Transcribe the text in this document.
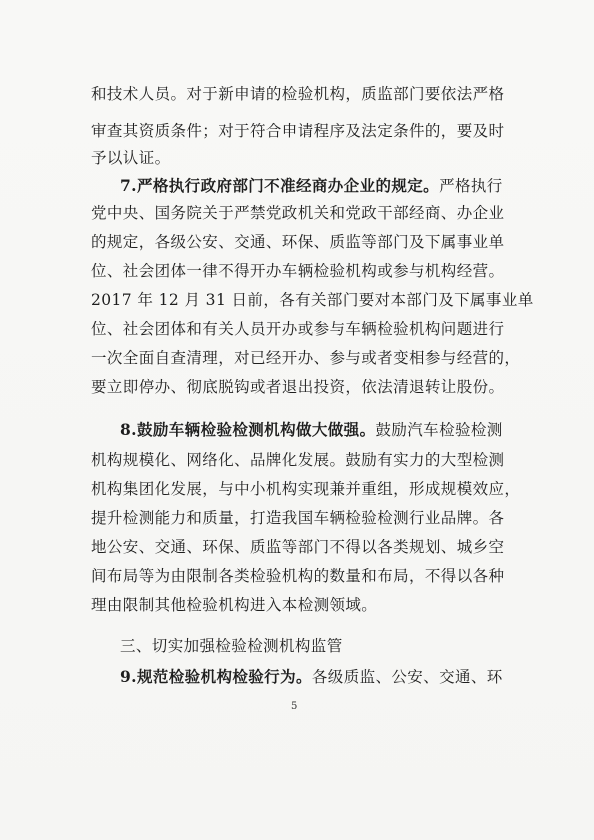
和技术人员。对于新申请的检验机构，质监部门要依法严格
审查其资质条件；对于符合申请程序及法定条件的，要及时
予以认证。
7.严格执行政府部门不准经商办企业的规定。严格执行
党中央、国务院关于严禁党政机关和党政干部经商、办企业
的规定，各级公安、交通、环保、质监等部门及下属事业单
位、社会团体一律不得开办车辆检验机构或参与机构经营。
2017 年 12 月 31 日前，各有关部门要对本部门及下属事业单
位、社会团体和有关人员开办或参与车辆检验机构问题进行
一次全面自查清理，对已经开办、参与或者变相参与经营的，
要立即停办、彻底脱钩或者退出投资，依法清退转让股份。
8.鼓励车辆检验检测机构做大做强。鼓励汽车检验检测
机构规模化、网络化、品牌化发展。鼓励有实力的大型检测
机构集团化发展，与中小机构实现兼并重组，形成规模效应，
提升检测能力和质量，打造我国车辆检验检测行业品牌。各
地公安、交通、环保、质监等部门不得以各类规划、城乡空
间布局等为由限制各类检验机构的数量和布局，不得以各种
理由限制其他检验机构进入本检测领域。
三、切实加强检验检测机构监管
9.规范检验机构检验行为。各级质监、公安、交通、环
5
